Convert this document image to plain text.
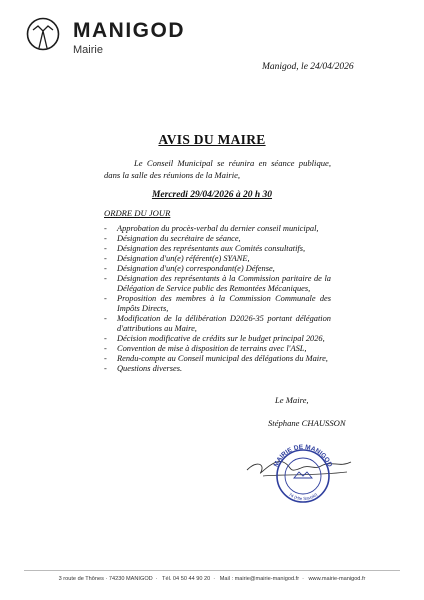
MANIGOD
Mairie
Manigod, le 24/04/2026
AVIS DU MAIRE
Le Conseil Municipal se réunira en séance publique, dans la salle des réunions de la Mairie,
Mercredi 29/04/2026 à 20 h 30
ORDRE DU JOUR
- Approbation du procès-verbal du dernier conseil municipal,
- Désignation du secrétaire de séance,
- Désignation des représentants aux Comités consultatifs,
- Désignation d'un(e) référent(e) SYANE,
- Désignation d'un(e) correspondant(e) Défense,
- Désignation des représentants à la Commission paritaire de la Délégation de Service public des Remontées Mécaniques,
- Proposition des membres à la Commission Communale des Impôts Directs,
- Modification de la délibération D2026-35 portant délégation d'attributions au Maire,
- Décision modificative de crédits sur le budget principal 2026,
- Convention de mise à disposition de terrains avec l'ASL,
- Rendu-compte au Conseil municipal des délégations du Maire,
- Questions diverses.
Le Maire,
Stéphane CHAUSSON
MAIRIE DE MANIGOD
74 (Hte Savoie)
3 route de Thônes · 74230 MANIGOD · Tél. 04 50 44 90 20 · Mail : mairie@mairie-manigod.fr · www.mairie-manigod.fr
